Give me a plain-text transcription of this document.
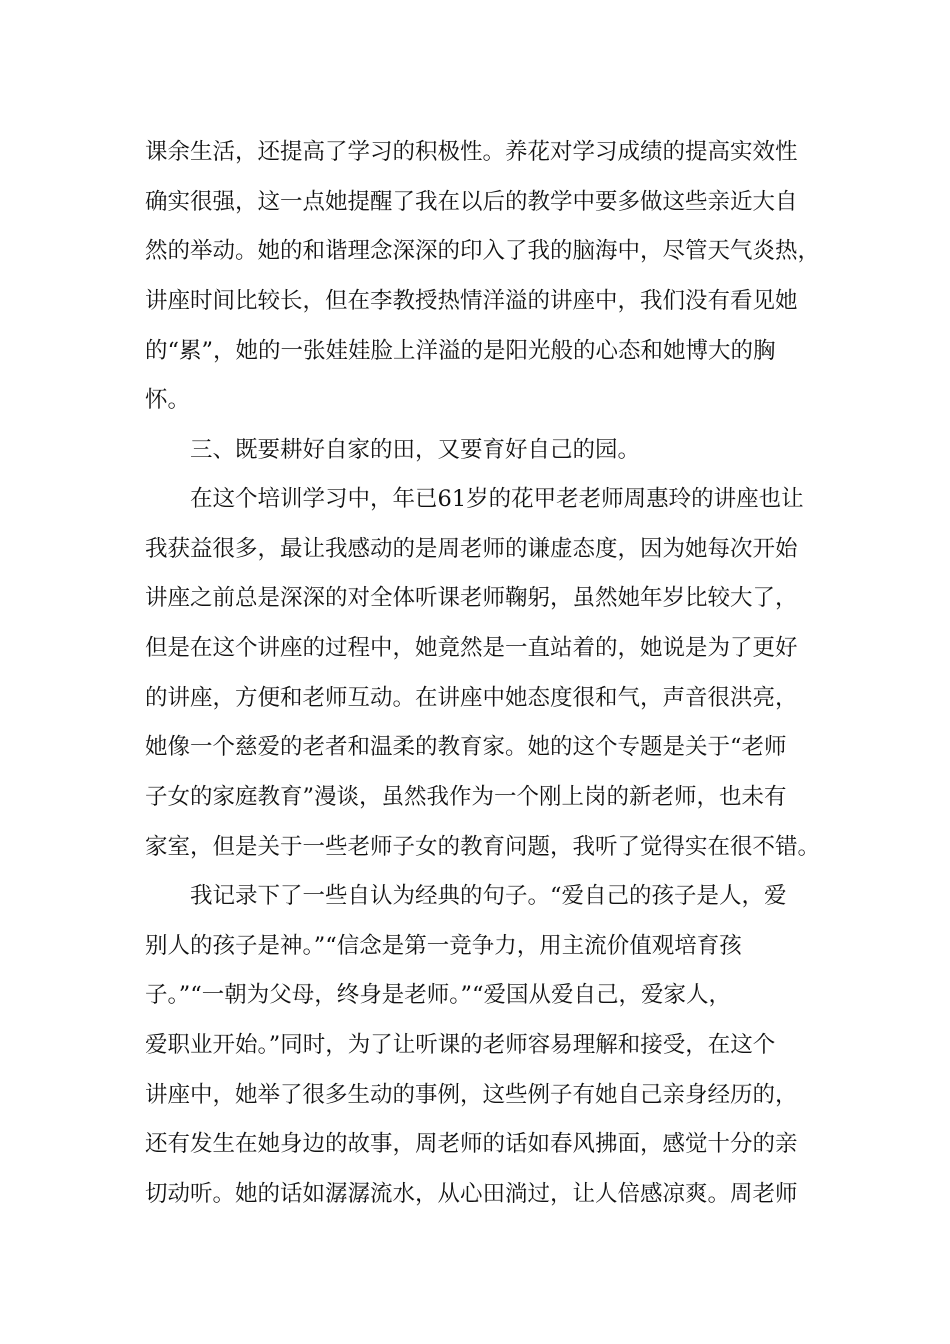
课余生活，还提高了学习的积极性。养花对学习成绩的提高实效性
确实很强，这一点她提醒了我在以后的教学中要多做这些亲近大自
然的举动。她的和谐理念深深的印入了我的脑海中，尽管天气炎热，
讲座时间比较长，但在李教授热情洋溢的讲座中，我们没有看见她
的“累”，她的一张娃娃脸上洋溢的是阳光般的心态和她博大的胸
怀。
三、既要耕好自家的田，又要育好自己的园。
在这个培训学习中，年已61岁的花甲老老师周惠玲的讲座也让
我获益很多，最让我感动的是周老师的谦虚态度，因为她每次开始
讲座之前总是深深的对全体听课老师鞠躬，虽然她年岁比较大了，
但是在这个讲座的过程中，她竟然是一直站着的，她说是为了更好
的讲座，方便和老师互动。在讲座中她态度很和气，声音很洪亮，
她像一个慈爱的老者和温柔的教育家。她的这个专题是关于“老师
子女的家庭教育”漫谈，虽然我作为一个刚上岗的新老师，也未有
家室，但是关于一些老师子女的教育问题，我听了觉得实在很不错。
我记录下了一些自认为经典的句子。“爱自己的孩子是人，爱
别人的孩子是神。”“信念是第一竞争力，用主流价值观培育孩
子。”“一朝为父母，终身是老师。”“爱国从爱自己，爱家人，
爱职业开始。”同时，为了让听课的老师容易理解和接受，在这个
讲座中，她举了很多生动的事例，这些例子有她自己亲身经历的，
还有发生在她身边的故事，周老师的话如春风拂面，感觉十分的亲
切动听。她的话如潺潺流水，从心田淌过，让人倍感凉爽。周老师
